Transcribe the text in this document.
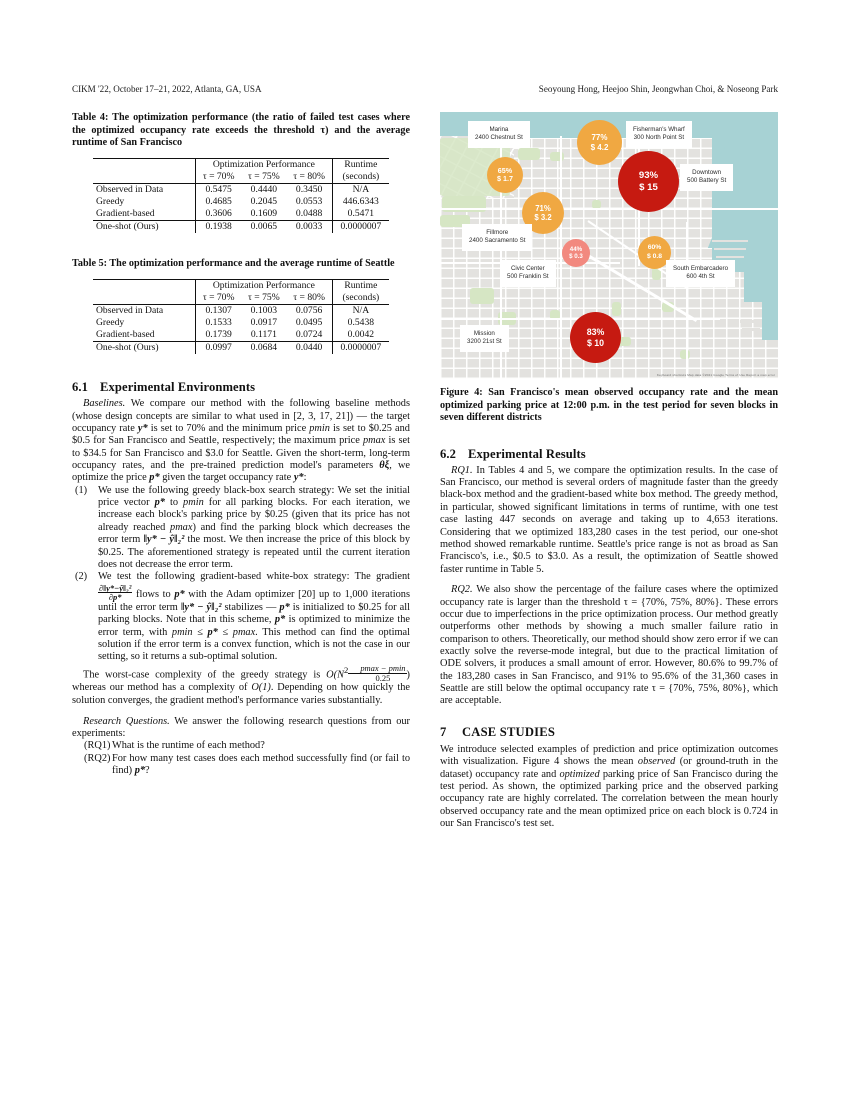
CIKM '22, October 17–21, 2022, Atlanta, GA, USA	Seoyoung Hong, Heejoo Shin, Jeongwhan Choi, & Noseong Park
Table 4: The optimization performance (the ratio of failed test cases where the optimized occupancy rate exceeds the threshold τ) and the average runtime of San Francisco
	Optimization Performance			Runtime
	τ = 70%	τ = 75%	τ = 80%	(seconds)
Observed in Data	0.5475	0.4440	0.3450	N/A
Greedy	0.4685	0.2045	0.0553	446.6343
Gradient-based	0.3606	0.1609	0.0488	0.5471
One-shot (Ours)	0.1938	0.0065	0.0033	0.0000007

Table 5: The optimization performance and the average runtime of Seattle
	Optimization Performance			Runtime
	τ = 70%	τ = 75%	τ = 80%	(seconds)
Observed in Data	0.1307	0.1003	0.0756	N/A
Greedy	0.1533	0.0917	0.0495	0.5438
Gradient-based	0.1739	0.1171	0.0724	0.0042
One-shot (Ours)	0.0997	0.0684	0.0440	0.0000007

6.1 Experimental Environments

Baselines. We compare our method with the following baseline methods (whose design concepts are similar to what used in [2, 3, 17, 21]) — the target occupancy rate y* is set to 70% and the minimum price pmin is set to $0.25 and $0.5 for San Francisco and Seattle, respectively; the maximum price pmax is set to $34.5 for San Francisco and $3.0 for Seattle. Given the short-term, long-term occupancy rates, and the pre-trained prediction model's parameters θξ, we optimize the price p* given the target occupancy rate y*:

(1) We use the following greedy black-box search strategy: We set the initial price vector p* to pmin for all parking blocks. For each iteration, we increase each block's parking price by $0.25 (given that its price has not already reached pmax) and find the parking block which decreases the error term ‖y* − ŷ‖₂² the most. We then increase the price of this block by $0.25. The aforementioned strategy is repeated until the current iteration does not decrease the error term.
(2) We test the following gradient-based white-box strategy: The gradient
$\frac{\text{∂‖y*−ŷ‖₂²}}{\partial p*}$ flows to p* with the Adam optimizer [20] up to 1,000 iterations until the error term ‖y* − ŷ‖₂² stabilizes — p* is initialized to $0.25 for all parking blocks. Note that in this scheme, p* is optimized to minimize the error term, with pmin ≤ p* ≤ pmax. This method can find the optimal solution if the error term is a convex function, which is not the case in our setting, so it returns a sub-optimal solution.

The worst-case complexity of the greedy strategy is $O(N^2 \frac{pmax - pmin}{0.25}$ ) whereas our method has a complexity of O(1). Depending on how quickly the solution converges, the gradient method's performance varies substantially.

Research Questions. We answer the following research questions from our experiments:

(RQ1) What is the runtime of each method?
(RQ2) For how many test cases does each method successfully find (or fail to find) p*?
65%
$ 1.7
77%
$ 4.2
93%
$ 15
71%
$ 3.2
44%
$ 0.3
60%
$ 0.8
83%
$ 10
Marina
2400 Chestnut St
Fisherman's Wharf
300 North Point St
Downtown
500 Battery St
Fillmore
2400 Sacramento St
Civic Center
500 Franklin St
South Embarcadero
600 4th St
Mission
3200 21st St
Keyboard shortcuts Map data ©2021 Google Terms of Use Report a map error
Figure 4: San Francisco's mean observed occupancy rate and the mean optimized parking price at 12:00 p.m. in the test period for seven blocks in seven different districts
6.2 Experimental Results

RQ1. In Tables 4 and 5, we compare the optimization results. In the case of San Francisco, our method is several orders of magnitude faster than the greedy black-box method and the gradient-based white box method. The greedy method, in particular, showed significant limitations in terms of runtime, with one test case lasting 447 seconds on average and taking up to 4,653 iterations. Considering that we optimized 183,280 cases in the test period, our one-shot method showed remarkable runtime. Seattle's price range is not as broad as San Francisco's, i.e., $0.5 to $3.0. As a result, the optimization of Seattle showed faster runtime in Table 5.

RQ2. We also show the percentage of the failure cases where the optimized occupancy rate is larger than the threshold τ = {70%, 75%, 80%}. These errors occur due to imperfections in the price optimization process. Our method greatly outperforms other methods by showing a much smaller failure ratio in comparison to others. Theoretically, our method should show zero error if we can exactly solve the reverse-mode integral, but due to the practical limitation of ODE solvers, it produces a small amount of error. However, 80.6% to 99.7% of the 183,280 cases in San Francisco, and 91% to 95.6% of the 31,360 cases in Seattle are still below the optimal occupancy rate τ = {70%, 75%, 80%}, which are acceptable.

7 CASE STUDIES

We introduce selected examples of prediction and price optimization outcomes with visualization. Figure 4 shows the mean observed (or ground-truth in the dataset) occupancy rate and optimized parking price of San Francisco during the test period. As shown, the optimized parking price and the observed parking occupancy rate are highly correlated. The correlation between the mean hourly observed occupancy rate and the mean optimized price on each block is 0.724 in our San Francisco's test set.
